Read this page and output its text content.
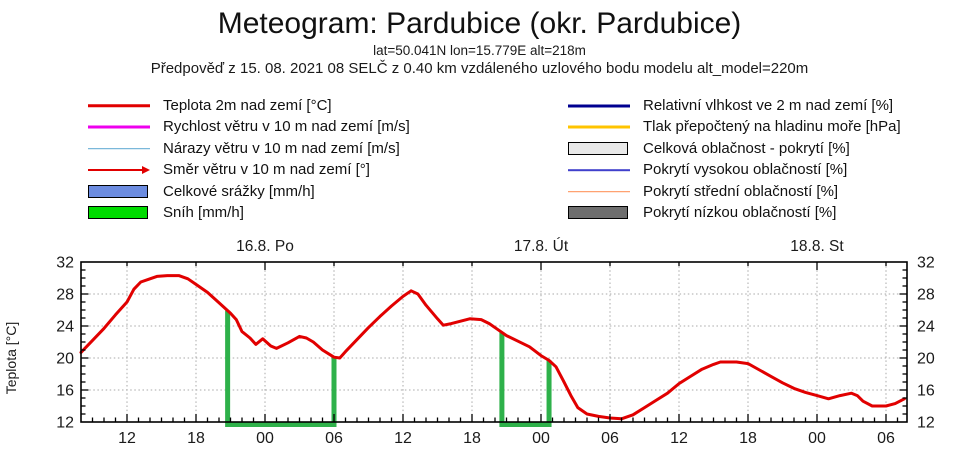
Meteogram: Pardubice (okr. Pardubice)
lat=50.041N lon=15.779E alt=218m
Předpověď z 15. 08. 2021 08 SELČ z 0.40 km vzdáleného uzlového bodu modelu alt_model=220m
Teplota 2m nad zemí [°C]
Rychlost větru v 10 m nad zemí [m/s]
Nárazy větru v 10 m nad zemí [m/s]
Směr větru v 10 m nad zemí [°]
Celkové srážky [mm/h]
Sníh [mm/h]
Relativní vlhkost ve 2 m nad zemí [%]
Tlak přepočtený na hladinu moře [hPa]
Celková oblačnost - pokrytí [%]
Pokrytí vysokou oblačností [%]
Pokrytí střední oblačností [%]
Pokrytí nízkou oblačností [%]
16.8. Po	17.8. Út	18.8. St
12	18	00	06	12	18	00	06	12	18	00	06
12	12
16	16
20	20
24	24
28	28
32	32
Teplota [°C]
